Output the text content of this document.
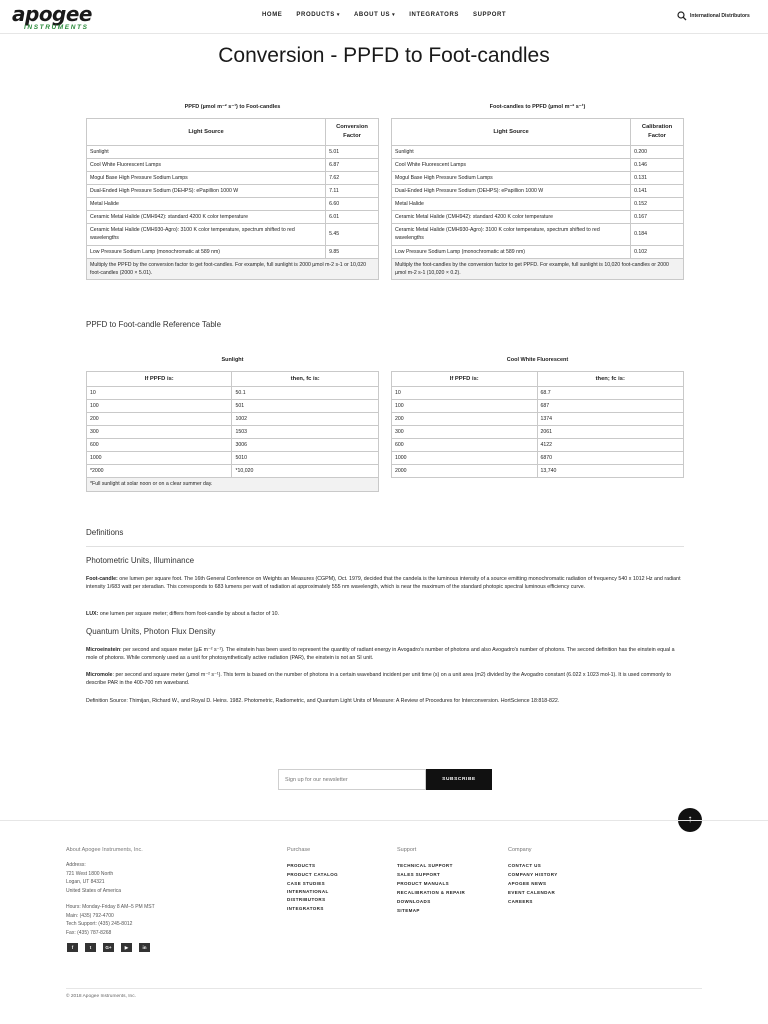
apogee
INSTRUMENTS
HOME PRODUCTS ▾ ABOUT US ▾ INTEGRATORS SUPPORT	International Distributors
Conversion - PPFD to Foot-candles
PPFD (µmol m⁻² s⁻¹) to Foot-candles
Light Source	Conversion Factor
Sunlight	5.01
Cool White Fluorescent Lamps	6.87
Mogul Base High Pressure Sodium Lamps	7.62
Dual-Ended High Pressure Sodium (DEHPS): ePapillion 1000 W	7.11
Metal Halide	6.60
Ceramic Metal Halide (CMH942): standard 4200 K color temperature	6.01
Ceramic Metal Halide (CMH930-Agro): 3100 K color temperature, spectrum shifted to red wavelengths	5.45
Low Pressure Sodium Lamp (monochromatic at 589 nm)	9.85
Multiply the PPFD by the conversion factor to get foot-candles. For example, full sunlight is 2000 µmol m-2 s-1 or 10,020 foot-candles (2000 × 5.01).	
Foot-candles to PPFD (µmol m⁻² s⁻¹)
Light Source	Calibration Factor
Sunlight	0.200
Cool White Fluorescent Lamps	0.146
Mogul Base High Pressure Sodium Lamps	0.131
Dual-Ended High Pressure Sodium (DEHPS): ePapillion 1000 W	0.141
Metal Halide	0.152
Ceramic Metal Halide (CMH942): standard 4200 K color temperature	0.167
Ceramic Metal Halide (CMH930-Agro): 3100 K color temperature, spectrum shifted to red wavelengths	0.184
Low Pressure Sodium Lamp (monochromatic at 589 nm)	0.102
Multiply the foot-candles by the conversion factor to get PPFD. For example, full sunlight is 10,020 foot-candles or 2000 µmol m-2 s-1 (10,020 × 0.2).	
PPFD to Foot-candle Reference Table
Sunlight
If PPFD is:	then, fc is:
10	50.1
100	501
200	1002
300	1503
600	3006
1000	5010
*2000	*10,020
*Full sunlight at solar noon or on a clear summer day.	
Cool White Fluorescent
If PPFD is:	then; fc is:
10	68.7
100	687
200	1374
300	2061
600	4122
1000	6870
2000	13,740
Definitions
Photometric Units, Illuminance
Foot-candle: one lumen per square foot. The 16th General Conference on Weights an Measures (CGPM), Oct. 1979, decided that the candela is the luminous intensity of a source emitting monochromatic radiation of frequency 540 x 1012 Hz and radiant intensity 1/683 watt per steradian. This corresponds to 683 lumens per watt of radiation at approximately 555 nm wavelength, which is near the maximum of the standard photopic spectral luminous efficiency curve.
LUX: one lumen per square meter; differs from foot-candle by about a factor of 10.
Quantum Units, Photon Flux Density
Microeinstein: per second and square meter (µE m⁻² s⁻¹). The einstein has been used to represent the quantity of radiant energy in Avogadro's number of photons and also Avogadro's number of photons. The second definition has the einstein equal a mole of photons. While commonly used as a unit for photosynthetically active radiation (PAR), the einstein is not an SI unit.
Micromole: per second and square meter (µmol m⁻² s⁻¹). This term is based on the number of photons in a certain waveband incident per unit time (s) on a unit area (m2) divided by the Avogadro constant (6.022 x 1023 mol-1). It is used commonly to describe PAR in the 400-700 nm waveband.
Definition Source: Thimijan, Richard W., and Royal D. Heins. 1982. Photometric, Radiometric, and Quantum Light Units of Measure: A Review of Procedures for Interconversion. HortScience 18:818-822.
Sign up for our newsletter
SUBSCRIBE
About Apogee Instruments, Inc.
Address:
721 West 1800 North
Logan, UT 84321
United States of America
Hours: Monday-Friday 8 AM–5 PM MST
Main: (435) 792-4700
Tech Support: (435) 245-8012
Fax: (435) 787-8268
Purchase
PRODUCTS
PRODUCT CATALOG
CASE STUDIES
INTERNATIONAL DISTRIBUTORS
INTEGRATORS
Support
TECHNICAL SUPPORT
SALES SUPPORT
PRODUCT MANUALS
RECALIBRATION & REPAIR
DOWNLOADS
SITEMAP
Company
CONTACT US
COMPANY HISTORY
APOGEE NEWS
EVENT CALENDAR
CAREERS
f	t	G+	▶	in
© 2018 Apogee Instruments, Inc.
